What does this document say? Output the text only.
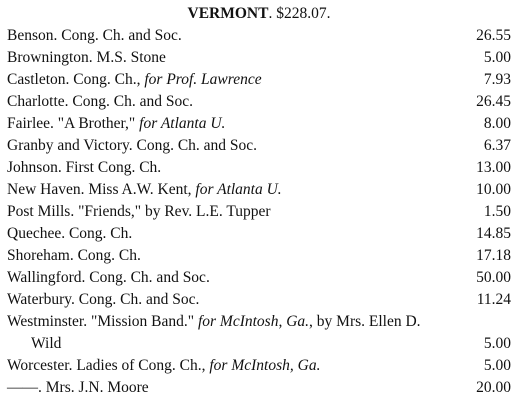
VERMONT. $228.07.
Benson. Cong. Ch. and Soc.	26.55
Brownington. M.S. Stone	5.00
Castleton. Cong. Ch., for Prof. Lawrence	7.93
Charlotte. Cong. Ch. and Soc.	26.45
Fairlee. "A Brother," for Atlanta U.	8.00
Granby and Victory. Cong. Ch. and Soc.	6.37
Johnson. First Cong. Ch.	13.00
New Haven. Miss A.W. Kent, for Atlanta U.	10.00
Post Mills. "Friends," by Rev. L.E. Tupper	1.50
Quechee. Cong. Ch.	14.85
Shoreham. Cong. Ch.	17.18
Wallingford. Cong. Ch. and Soc.	50.00
Waterbury. Cong. Ch. and Soc.	11.24
Westminster. "Mission Band." for McIntosh, Ga., by Mrs. Ellen D.
Wild	5.00
Worcester. Ladies of Cong. Ch., for McIntosh, Ga.	5.00
——. Mrs. J.N. Moore	20.00
